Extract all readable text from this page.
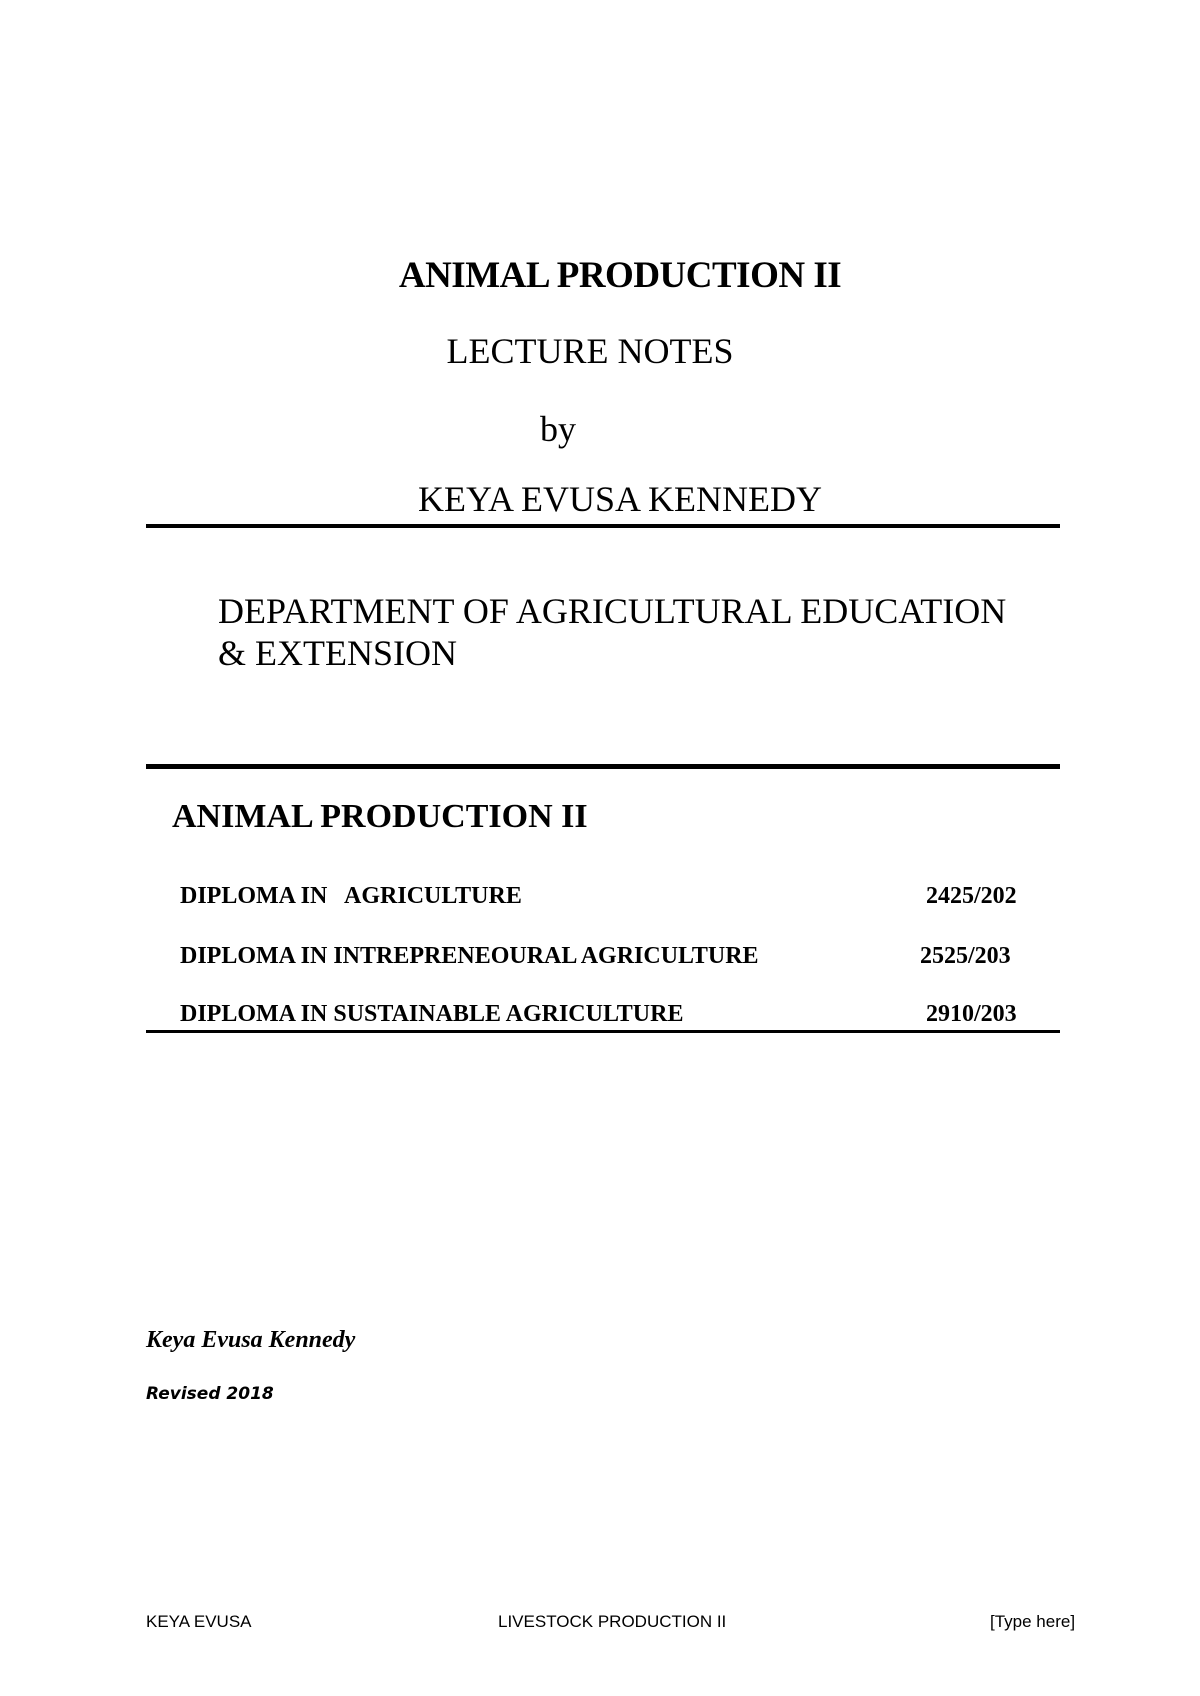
ANIMAL PRODUCTION II
LECTURE NOTES
by
KEYA EVUSA KENNEDY
DEPARTMENT OF AGRICULTURAL EDUCATION & EXTENSION
ANIMAL PRODUCTION II
DIPLOMA IN   AGRICULTURE	2425/202
DIPLOMA IN INTREPRENEOURAL AGRICULTURE	2525/203
DIPLOMA IN SUSTAINABLE AGRICULTURE	2910/203
Keya Evusa Kennedy
Revised 2018
KEYA EVUSA	LIVESTOCK PRODUCTION II	[Type here]
